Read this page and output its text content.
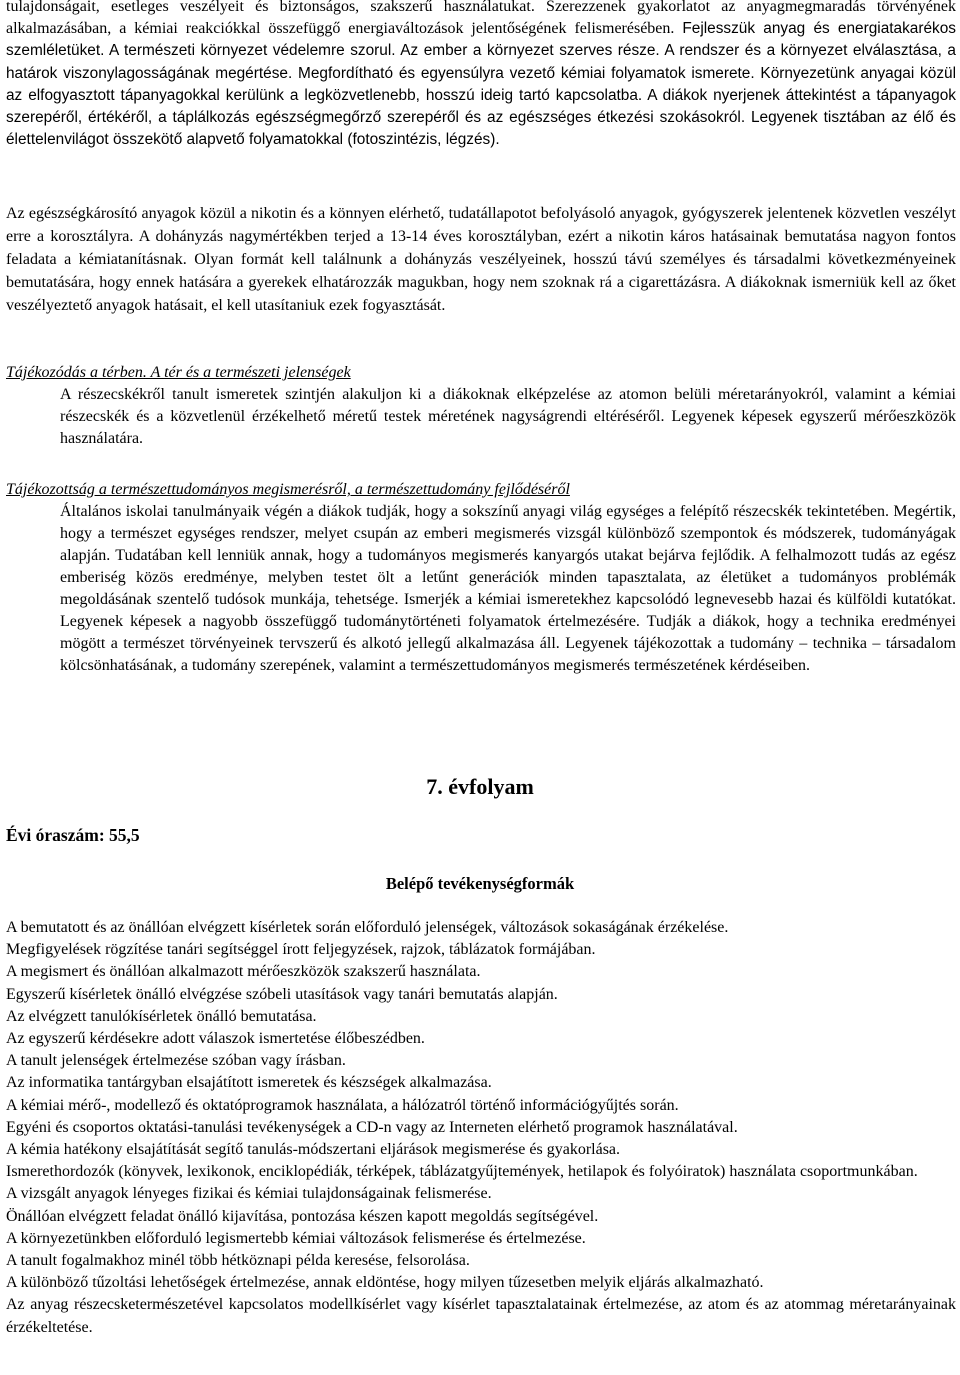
tulajdonságait, esetleges veszélyeit és biztonságos, szakszerű használatukat. Szerezzenek gyakorlatot az anyagmegmaradás törvényének alkalmazásában, a kémiai reakciókkal összefüggő energiaváltozások jelentőségének felismerésében. Fejlesszük anyag és energiatakarékos szemléletüket. A természeti környezet védelemre szorul. Az ember a környezet szerves része. A rendszer és a környezet elválasztása, a határok viszonylagosságának megértése. Megfordítható és egyensúlyra vezető kémiai folyamatok ismerete. Környezetünk anyagai közül az elfogyasztott tápanyagokkal kerülünk a legközvetlenebb, hosszú ideig tartó kapcsolatba. A diákok nyerjenek áttekintést a tápanyagok szerepéről, értékéről, a táplálkozás egészségmegőrző szerepéről és az egészséges étkezési szokásokról. Legyenek tisztában az élő és élettelenvilágot összekötő alapvető folyamatokkal (fotoszintézis, légzés).

Az egészségkárosító anyagok közül a nikotin és a könnyen elérhető, tudatállapotot befolyásoló anyagok, gyógyszerek jelentenek közvetlen veszélyt erre a korosztályra. A dohányzás nagymértékben terjed a 13-14 éves korosztályban, ezért a nikotin káros hatásainak bemutatása nagyon fontos feladata a kémiatanításnak. Olyan formát kell találnunk a dohányzás veszélyeinek, hosszú távú személyes és társadalmi következményeinek bemutatására, hogy ennek hatására a gyerekek elhatározzák magukban, hogy nem szoknak rá a cigarettázásra. A diákoknak ismerniük kell az őket veszélyeztető anyagok hatásait, el kell utasítaniuk ezek fogyasztását.

Tájékozódás a térben. A tér és a természeti jelenségek

A részecskékről tanult ismeretek szintjén alakuljon ki a diákoknak elképzelése az atomon belüli méretarányokról, valamint a kémiai részecskék és a közvetlenül érzékelhető méretű testek méretének nagyságrendi eltéréséről. Legyenek képesek egyszerű mérőeszközök használatára.

Tájékozottság a természettudományos megismerésről, a természettudomány fejlődéséről

Általános iskolai tanulmányaik végén a diákok tudják, hogy a sokszínű anyagi világ egységes a felépítő részecskék tekintetében. Megértik, hogy a természet egységes rendszer, melyet csupán az emberi megismerés vizsgál különböző szempontok és módszerek, tudományágak alapján. Tudatában kell lenniük annak, hogy a tudományos megismerés kanyargós utakat bejárva fejlődik. A felhalmozott tudás az egész emberiség közös eredménye, melyben testet ölt a letűnt generációk minden tapasztalata, az életüket a tudományos problémák megoldásának szentelő tudósok munkája, tehetsége. Ismerjék a kémiai ismeretekhez kapcsolódó legnevesebb hazai és külföldi kutatókat. Legyenek képesek a nagyobb összefüggő tudománytörténeti folyamatok értelmezésére. Tudják a diákok, hogy a technika eredményei mögött a természet törvényeinek tervszerű és alkotó jellegű alkalmazása áll. Legyenek tájékozottak a tudomány – technika – társadalom kölcsönhatásának, a tudomány szerepének, valamint a természettudományos megismerés természetének kérdéseiben.

7. évfolyam
Évi óraszám: 55,5
Belépő tevékenységformák
A bemutatott és az önállóan elvégzett kísérletek során előforduló jelenségek, változások sokaságának érzékelése.
Megfigyelések rögzítése tanári segítséggel írott feljegyzések, rajzok, táblázatok formájában.
A megismert és önállóan alkalmazott mérőeszközök szakszerű használata.
Egyszerű kísérletek önálló elvégzése szóbeli utasítások vagy tanári bemutatás alapján.
Az elvégzett tanulókísérletek önálló bemutatása.
Az egyszerű kérdésekre adott válaszok ismertetése élőbeszédben.
A tanult jelenségek értelmezése szóban vagy írásban.
Az informatika tantárgyban elsajátított ismeretek és készségek alkalmazása.
A kémiai mérő-, modellező és oktatóprogramok használata, a hálózatról történő információgyűjtés során.
Egyéni és csoportos oktatási-tanulási tevékenységek a CD-n vagy az Interneten elérhető programok használatával.
A kémia hatékony elsajátítását segítő tanulás-módszertani eljárások megismerése és gyakorlása.
Ismerethordozók (könyvek, lexikonok, enciklopédiák, térképek, táblázatgyűjtemények, hetilapok és folyóiratok) használata csoportmunkában.
A vizsgált anyagok lényeges fizikai és kémiai tulajdonságainak felismerése.
Önállóan elvégzett feladat önálló kijavítása, pontozása készen kapott megoldás segítségével.
A környezetünkben előforduló legismertebb kémiai változások felismerése és értelmezése.
A tanult fogalmakhoz minél több hétköznapi példa keresése, felsorolása.
A különböző tűzoltási lehetőségek értelmezése, annak eldöntése, hogy milyen tűzesetben melyik eljárás alkalmazható.
Az anyag részecsketermészetével kapcsolatos modellkísérlet vagy kísérlet tapasztalatainak értelmezése, az atom és az atommag méretarányainak érzékeltetése.
